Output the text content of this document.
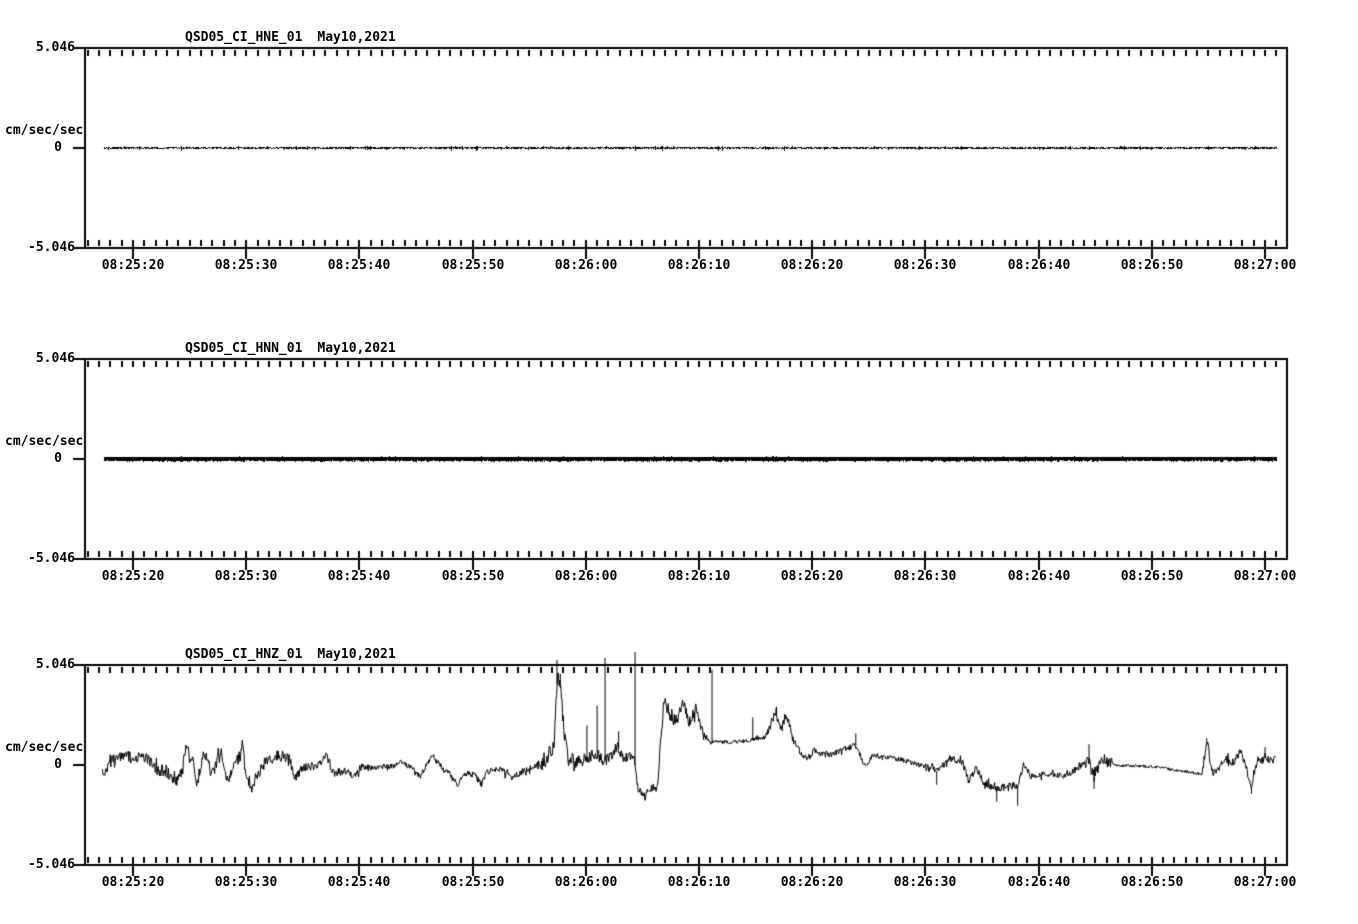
QSD05_CI_HNE_01 May10,2021
5.046
cm/sec/sec
0
-5.046
08:25:20	08:25:30	08:25:40	08:25:50	08:26:00	08:26:10	08:26:20	08:26:30	08:26:40	08:26:50	08:27:00
QSD05_CI_HNN_01 May10,2021
5.046
cm/sec/sec
0
-5.046
08:25:20	08:25:30	08:25:40	08:25:50	08:26:00	08:26:10	08:26:20	08:26:30	08:26:40	08:26:50	08:27:00
QSD05_CI_HNZ_01 May10,2021
5.046
cm/sec/sec
0
-5.046
08:25:20	08:25:30	08:25:40	08:25:50	08:26:00	08:26:10	08:26:20	08:26:30	08:26:40	08:26:50	08:27:00
